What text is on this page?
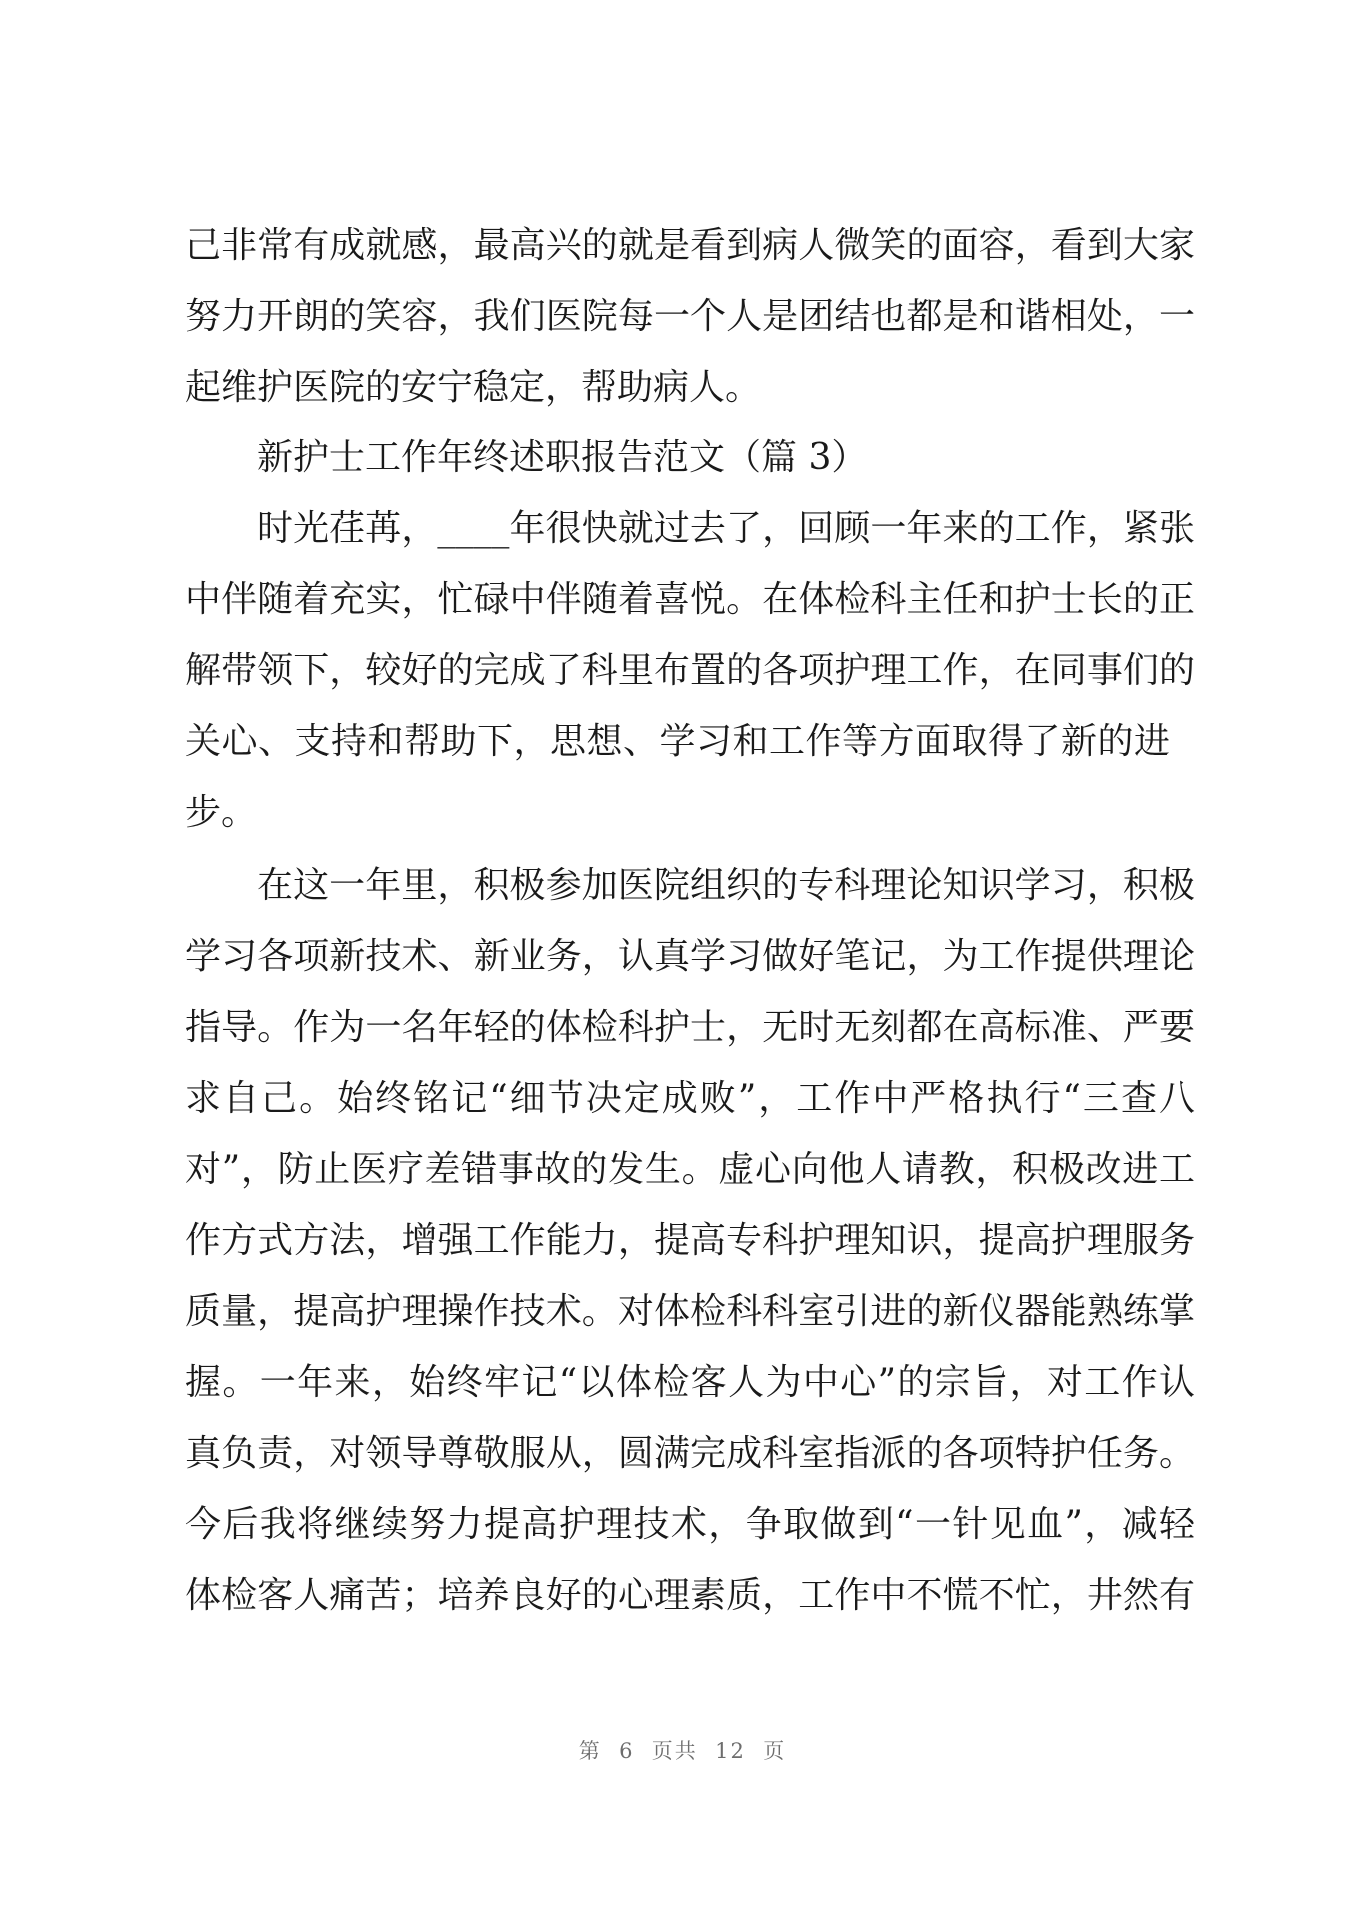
己非常有成就感，最高兴的就是看到病人微笑的面容，看到大家
努力开朗的笑容，我们医院每一个人是团结也都是和谐相处，一
起维护医院的安宁稳定，帮助病人。
新护士工作年终述职报告范文（篇 3）
时光荏苒，____年很快就过去了，回顾一年来的工作，紧张
中伴随着充实，忙碌中伴随着喜悦。在体检科主任和护士长的正
解带领下，较好的完成了科里布置的各项护理工作，在同事们的
关心、支持和帮助下，思想、学习和工作等方面取得了新的进
步。
在这一年里，积极参加医院组织的专科理论知识学习，积极
学习各项新技术、新业务，认真学习做好笔记，为工作提供理论
指导。作为一名年轻的体检科护士，无时无刻都在高标准、严要
求自己。始终铭记“细节决定成败”，工作中严格执行“三查八
对”，防止医疗差错事故的发生。虚心向他人请教，积极改进工
作方式方法，增强工作能力，提高专科护理知识，提高护理服务
质量，提高护理操作技术。对体检科科室引进的新仪器能熟练掌
握。一年来，始终牢记“以体检客人为中心”的宗旨，对工作认
真负责，对领导尊敬服从，圆满完成科室指派的各项特护任务。
今后我将继续努力提高护理技术，争取做到“一针见血”，减轻
体检客人痛苦；培养良好的心理素质，工作中不慌不忙，井然有
第  6  页共  12  页
